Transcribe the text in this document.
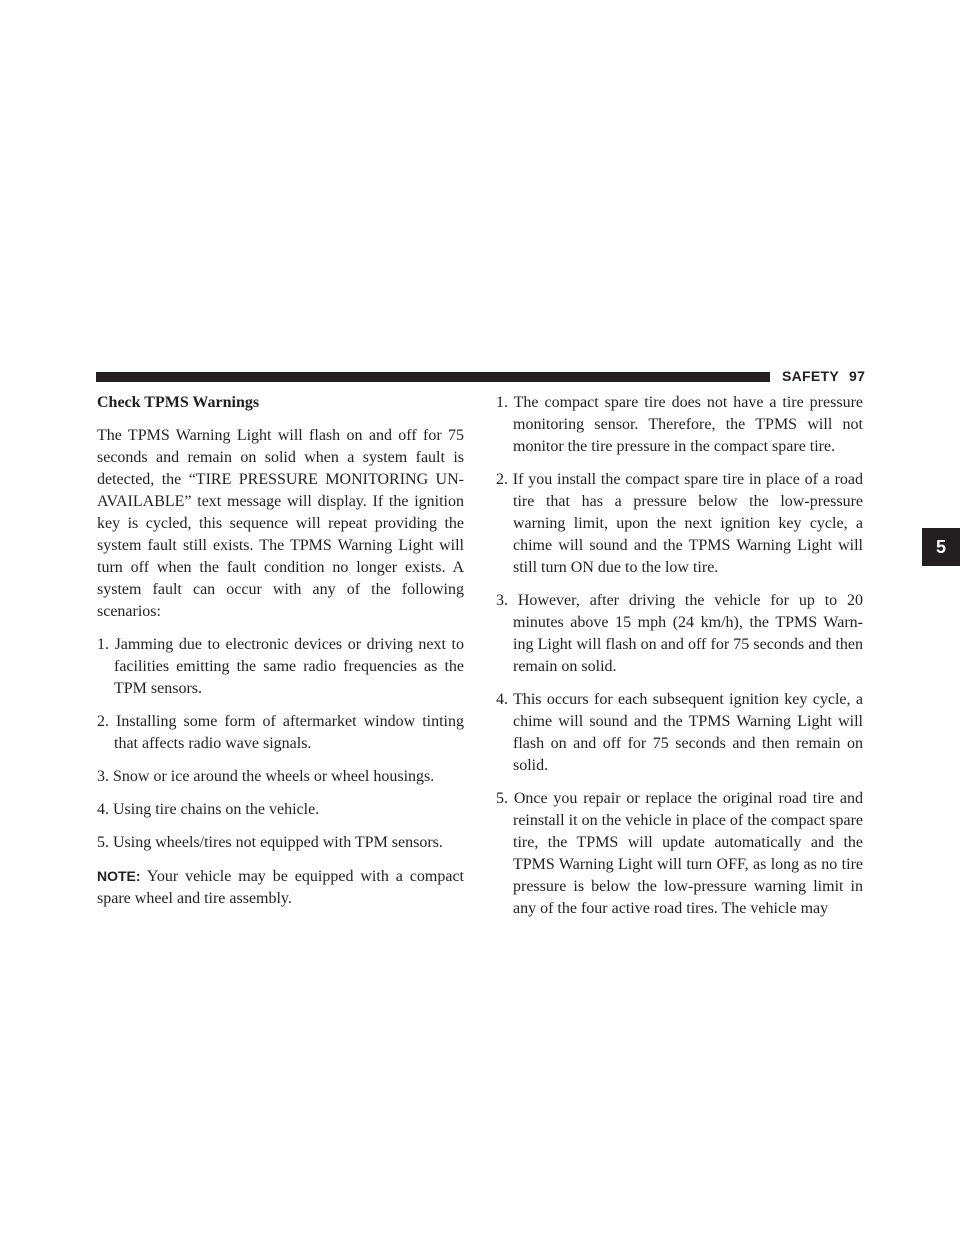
SAFETY 97
5

Check TPMS Warnings

The TPMS Warning Light will flash on and off for 75 seconds and remain on solid when a system fault is detected, the “TIRE PRESSURE MONITORING UN- AVAILABLE” text message will display. If the ignition key is cycled, this sequence will repeat providing the system fault still exists. The TPMS Warning Light will turn off when the fault condition no longer exists. A system fault can occur with any of the following scenarios:

1. Jamming due to electronic devices or driving next to facilities emitting the same radio frequencies as the TPM sensors.
2. Installing some form of aftermarket window tinting that affects radio wave signals.
3. Snow or ice around the wheels or wheel housings.
4. Using tire chains on the vehicle.
5. Using wheels/tires not equipped with TPM sensors.

NOTE: Your vehicle may be equipped with a compact spare wheel and tire assembly.

1. The compact spare tire does not have a tire pressure monitoring sensor. Therefore, the TPMS will not monitor the tire pressure in the compact spare tire.
2. If you install the compact spare tire in place of a road tire that has a pressure below the low-pressure warning limit, upon the next ignition key cycle, a chime will sound and the TPMS Warning Light will still turn ON due to the low tire.
3. However, after driving the vehicle for up to 20 minutes above 15 mph (24 km/h), the TPMS Warn- ing Light will flash on and off for 75 seconds and then remain on solid.
4. This occurs for each subsequent ignition key cycle, a chime will sound and the TPMS Warning Light will flash on and off for 75 seconds and then remain on solid.
5. Once you repair or replace the original road tire and reinstall it on the vehicle in place of the compact spare tire, the TPMS will update automatically and the TPMS Warning Light will turn OFF, as long as no tire pressure is below the low-pressure warning limit in any of the four active road tires. The vehicle may
